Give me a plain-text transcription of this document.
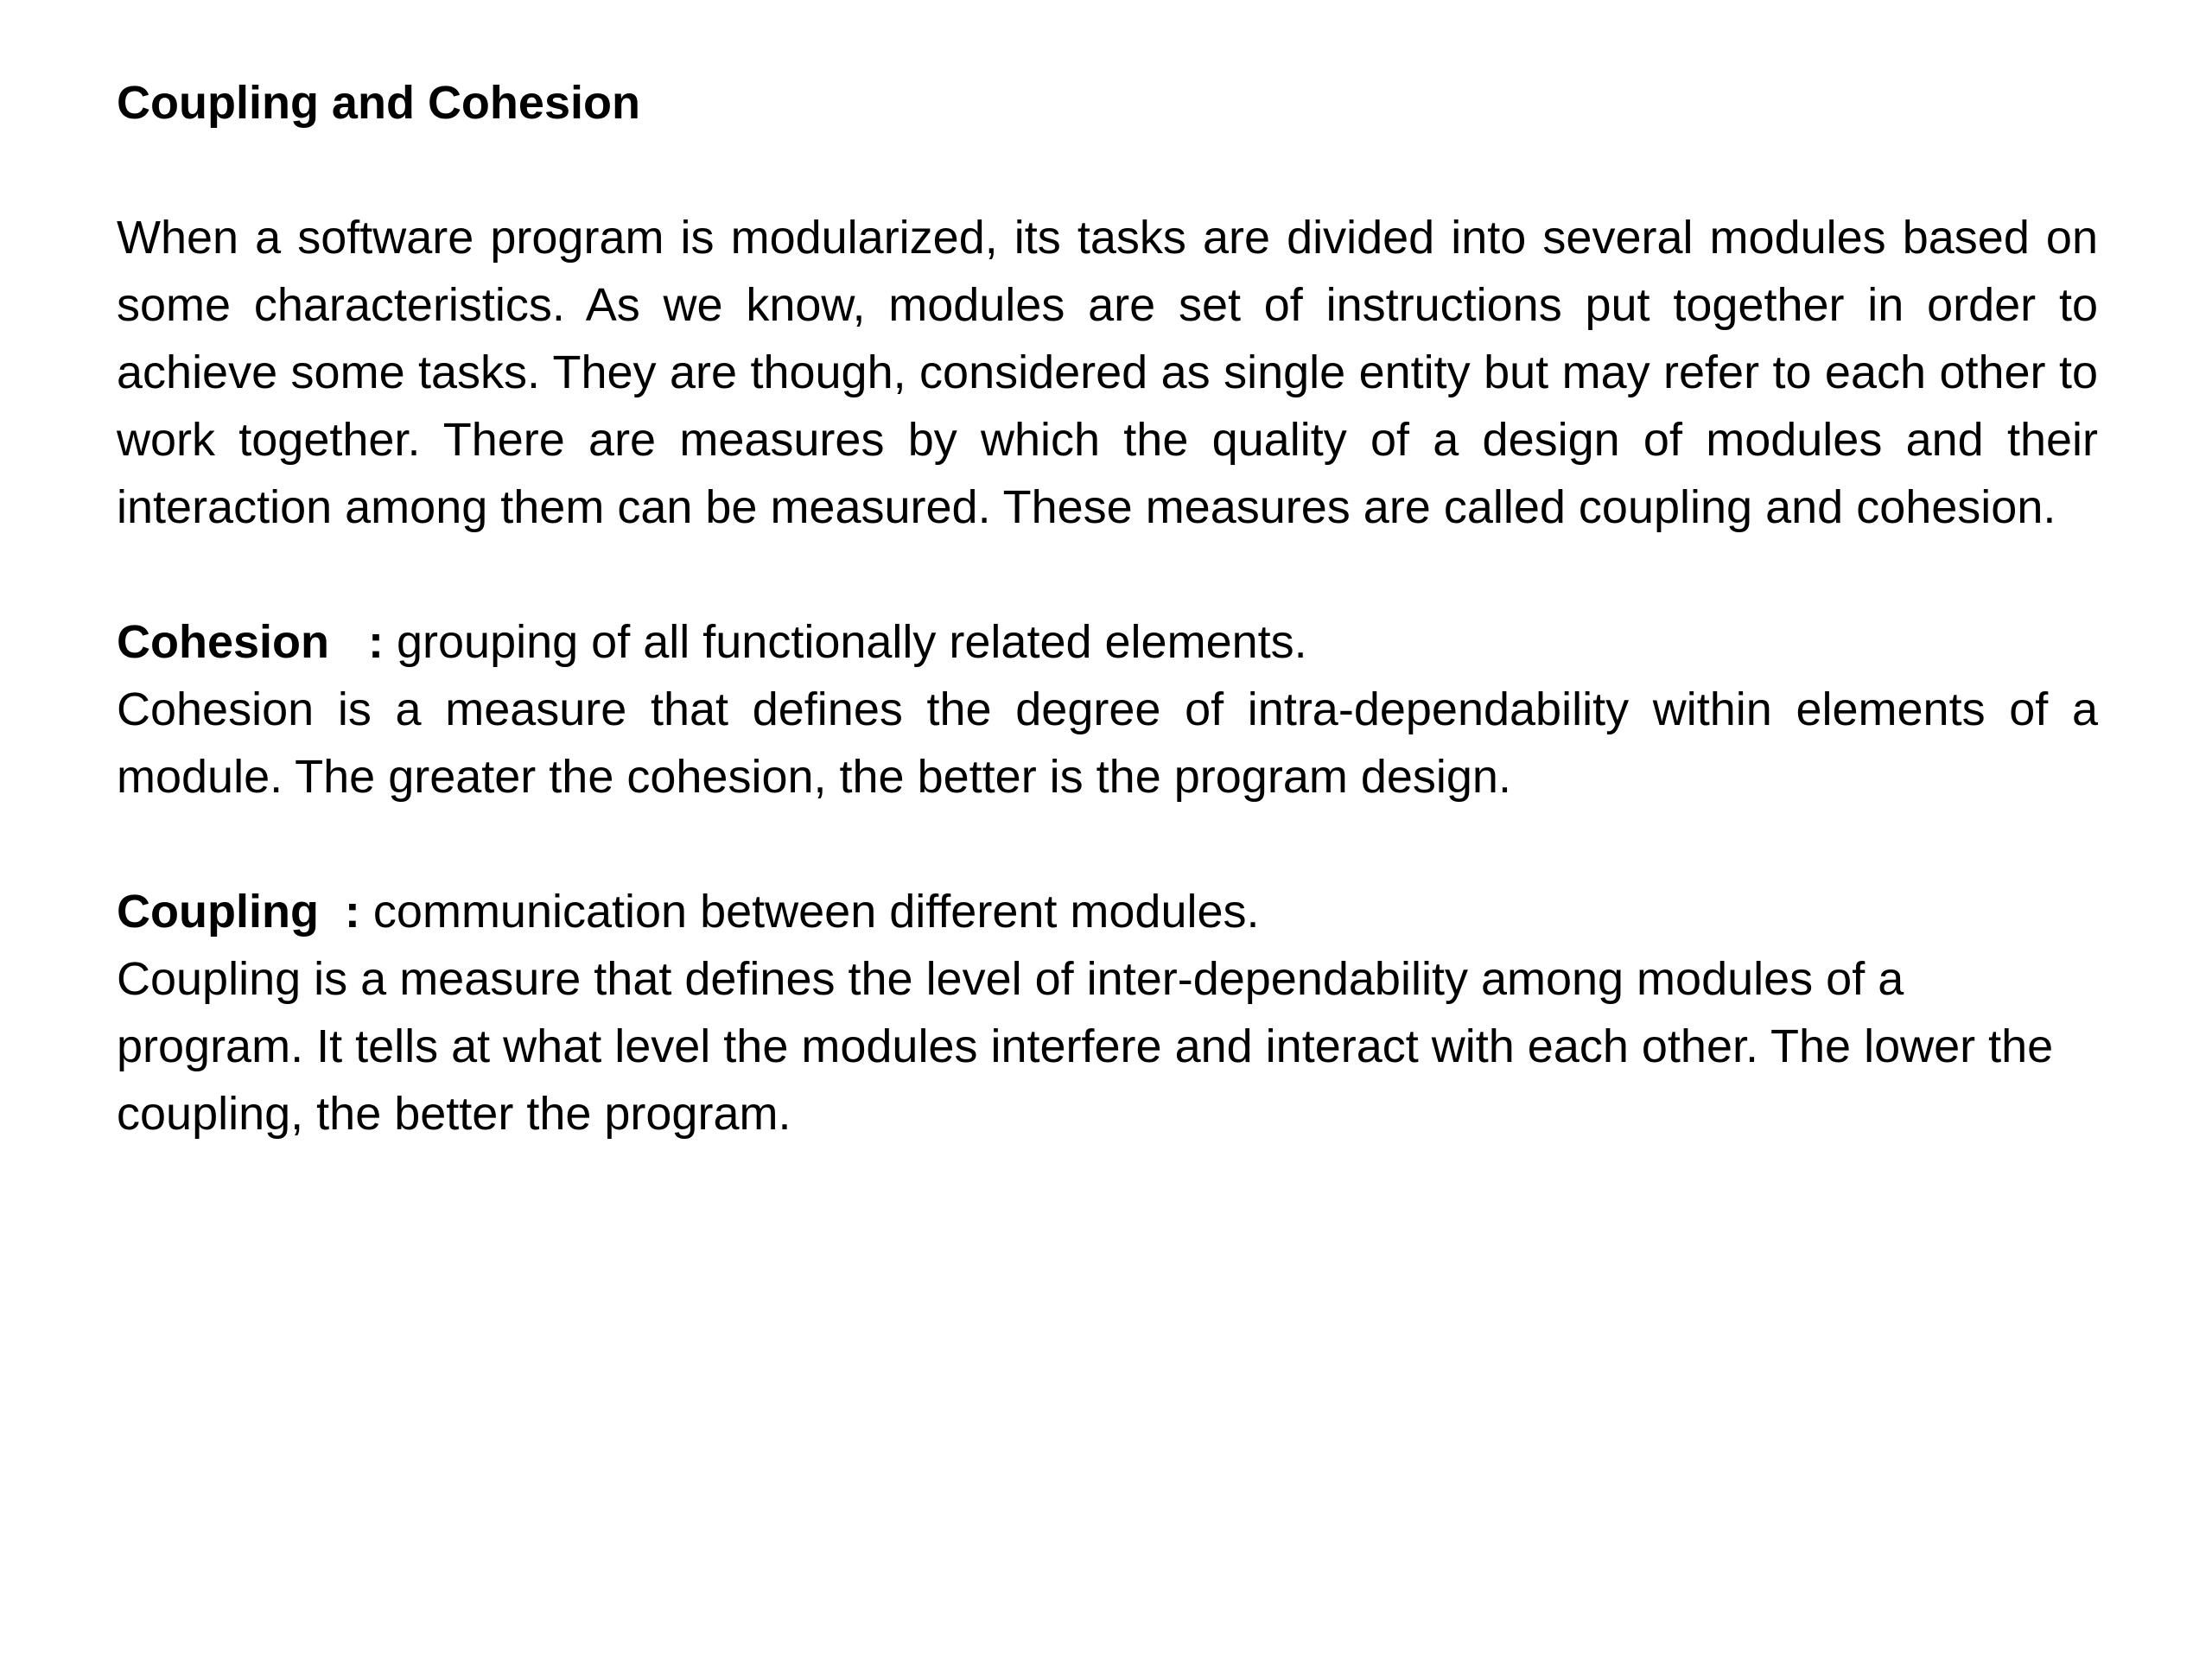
Coupling and Cohesion

When a software program is modularized, its tasks are divided into several modules based on some characteristics. As we know, modules are set of instructions put together in order to achieve some tasks. They are though, considered as single entity but may refer to each other to work together. There are measures by which the quality of a design of modules and their interaction among them can be measured. These measures are called coupling and cohesion.

Cohesion   : grouping of all functionally related elements.

Cohesion is a measure that defines the degree of intra-dependability within elements of a module. The greater the cohesion, the better is the program design.

Coupling  : communication between different modules.

Coupling is a measure that defines the level of inter-dependability among modules of a program. It tells at what level the modules interfere and interact with each other. The lower the coupling, the better the program.
